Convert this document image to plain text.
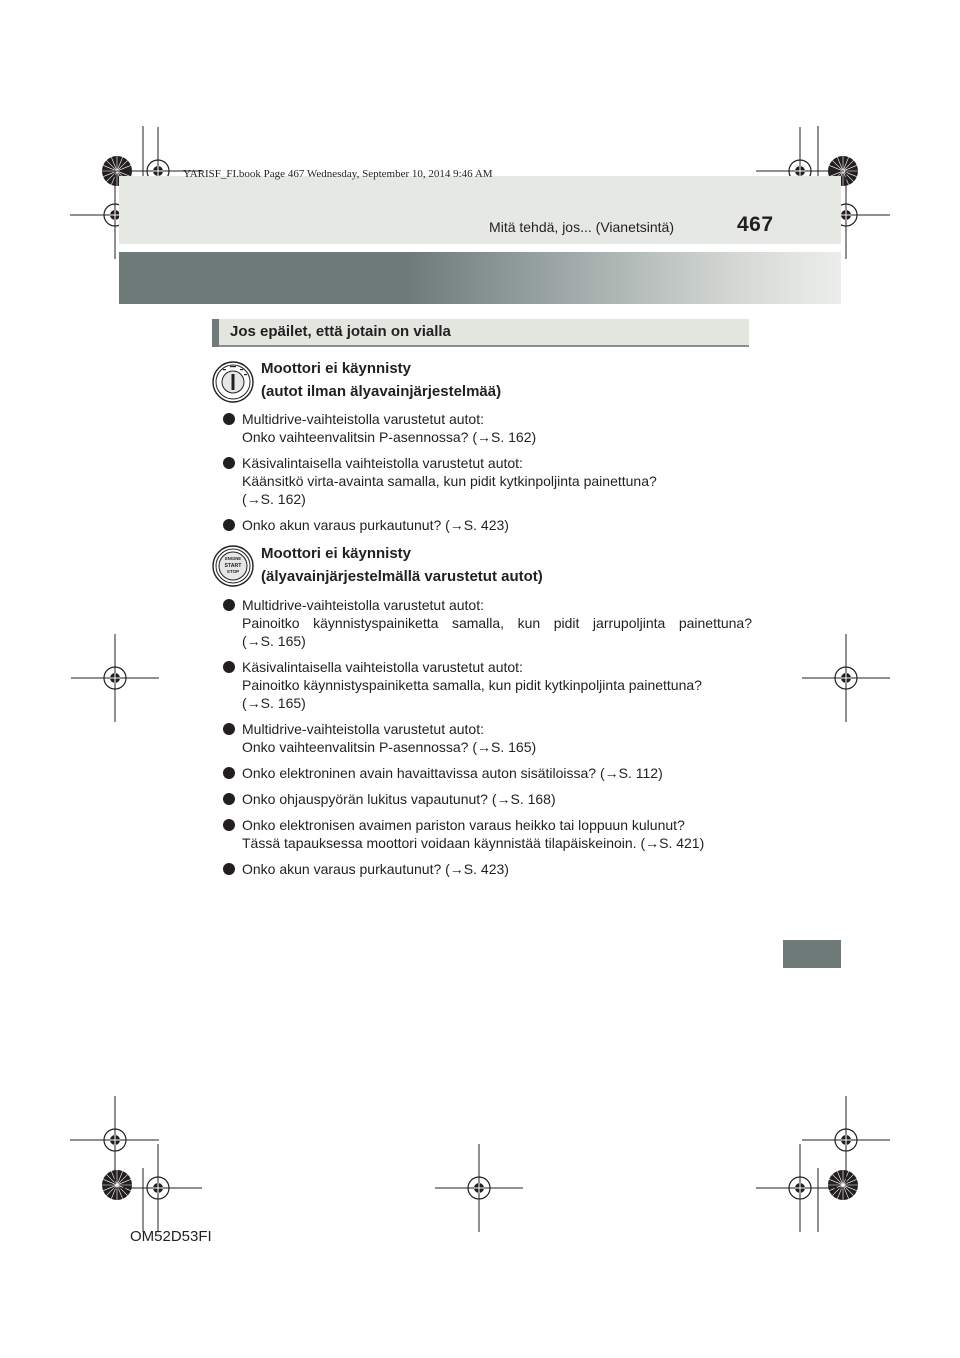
YARISF_FI.book Page 467 Wednesday, September 10, 2014 9:46 AM
Mitä tehdä, jos... (Vianetsintä)	467
Jos epäilet, että jotain on vialla
Moottori ei käynnisty
(autot ilman älyavainjärjestelmää)
Multidrive-vaihteistolla varustetut autot:
Onko vaihteenvalitsin P-asennossa? (→S. 162)
Käsivalintaisella vaihteistolla varustetut autot:
Käänsitkö virta-avainta samalla, kun pidit kytkinpoljinta painettuna?
(→S. 162)
Onko akun varaus purkautunut? (→S. 423)
ENGINE
START
STOP
Moottori ei käynnisty
(älyavainjärjestelmällä varustetut autot)
Multidrive-vaihteistolla varustetut autot:
Painoitko käynnistyspainiketta samalla, kun pidit jarrupoljinta painettuna?
(→S. 165)
Käsivalintaisella vaihteistolla varustetut autot:
Painoitko käynnistyspainiketta samalla, kun pidit kytkinpoljinta painettuna?
(→S. 165)
Multidrive-vaihteistolla varustetut autot:
Onko vaihteenvalitsin P-asennossa? (→S. 165)
Onko elektroninen avain havaittavissa auton sisätiloissa? (→S. 112)
Onko ohjauspyörän lukitus vapautunut? (→S. 168)
Onko elektronisen avaimen pariston varaus heikko tai loppuun kulunut?
Tässä tapauksessa moottori voidaan käynnistää tilapäiskeinoin. (→S. 421)
Onko akun varaus purkautunut? (→S. 423)
OM52D53FI
